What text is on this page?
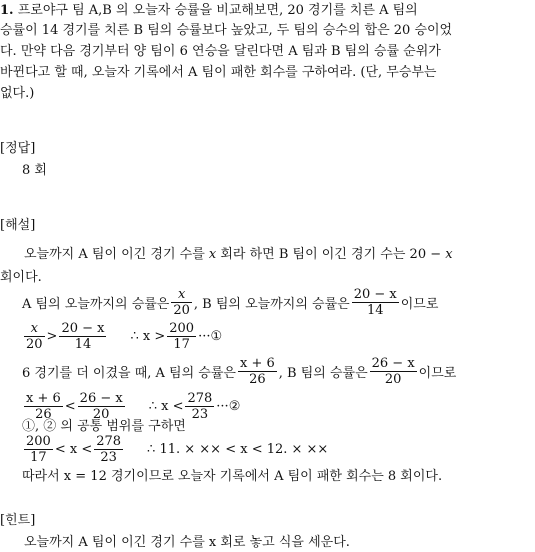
1. 프로야구 팀 A,B 의 오늘자 승률을 비교해보면, 20 경기를 치른 A 팀의
승률이 14 경기를 치른 B 팀의 승률보다 높았고, 두 팀의 승수의 합은 20 승이었
다. 만약 다음 경기부터 양 팀이 6 연승을 달린다면 A 팀과 B 팀의 승률 순위가
바뀐다고 할 때, 오늘자 기록에서 A 팀이 패한 회수를 구하여라. (단, 무승부는
없다.)
[정답]
8 회
[해설]
오늘까지 A 팀이 이긴 경기 수를 x 회라 하면 B 팀이 이긴 경기 수는 20 − x
회이다.
A 팀의 오늘까지의 승률은 $\frac{x}{20}$ , B 팀의 오늘까지의 승률은 $\frac{20 - x}{14}$ 이므로
$\frac{x}{20} > \frac{20 - x}{14}$ ∴ $x > \frac{200}{17}$ ···①
6 경기를 더 이겼을 때, A 팀의 승률은 $\frac{x + 6}{26}$ , B 팀의 승률은 $\frac{26 - x}{20}$ 이므로
$\frac{x + 6}{26} < \frac{26 - x}{20}$ ∴ $x < \frac{278}{23}$ ···②
①, ② 의 공통 범위를 구하면
$\frac{200}{17} < x < \frac{278}{23}$ ∴ 11. × ×× < x < 12. × ××
따라서 x = 12 경기이므로 오늘자 기록에서 A 팀이 패한 회수는 8 회이다.
[힌트]
오늘까지 A 팀이 이긴 경기 수를 x 회로 놓고 식을 세운다.
